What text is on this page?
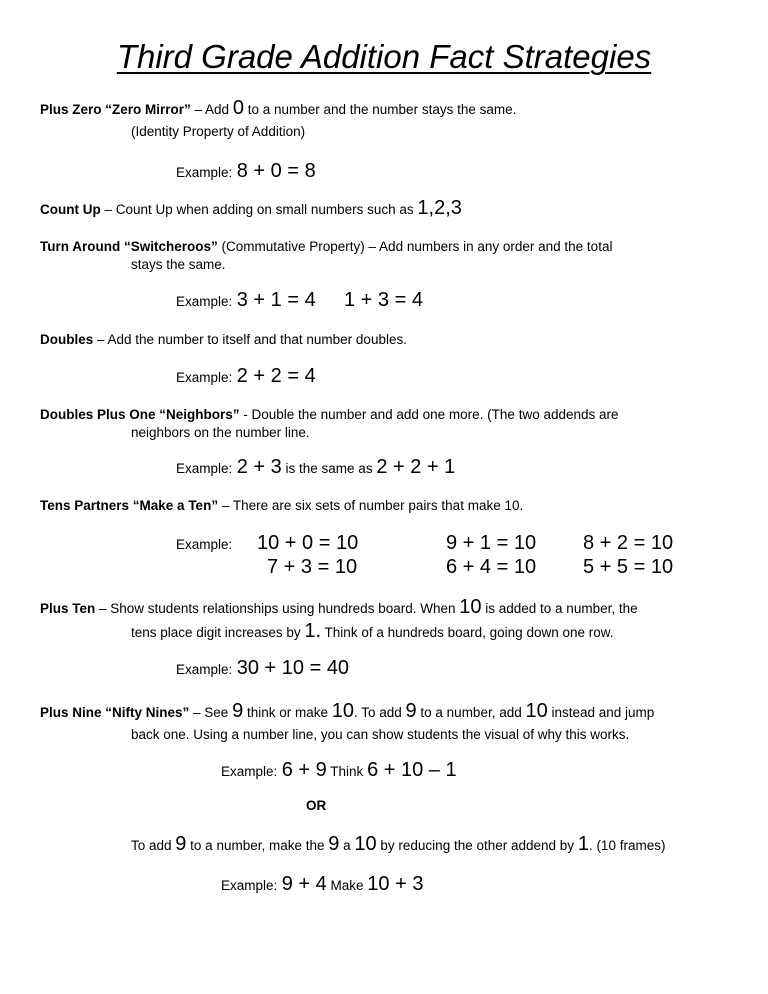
Third Grade Addition Fact Strategies
Plus Zero “Zero Mirror” – Add 0 to a number and the number stays the same.
(Identity Property of Addition)
Example: 8 + 0 = 8
Count Up – Count Up when adding on small numbers such as 1,2,3
Turn Around “Switcheroos” (Commutative Property) – Add numbers in any order and the total
stays the same.
Example: 3 + 1 = 4 1 + 3 = 4
Doubles – Add the number to itself and that number doubles.
Example: 2 + 2 = 4
Doubles Plus One “Neighbors” - Double the number and add one more. (The two addends are
neighbors on the number line.
Example: 2 + 3 is the same as 2 + 2 + 1
Tens Partners “Make a Ten” – There are six sets of number pairs that make 10.
Example: 10 + 0 = 10
7 + 3 = 10
9 + 1 = 10
6 + 4 = 10
8 + 2 = 10
5 + 5 = 10
Plus Ten – Show students relationships using hundreds board. When 10 is added to a number, the
tens place digit increases by 1. Think of a hundreds board, going down one row.
Example: 30 + 10 = 40
Plus Nine “Nifty Nines” – See 9 think or make 10. To add 9 to a number, add 10 instead and jump
back one. Using a number line, you can show students the visual of why this works.
Example: 6 + 9 Think 6 + 10 – 1
OR
To add 9 to a number, make the 9 a 10 by reducing the other addend by 1. (10 frames)
Example: 9 + 4 Make 10 + 3
